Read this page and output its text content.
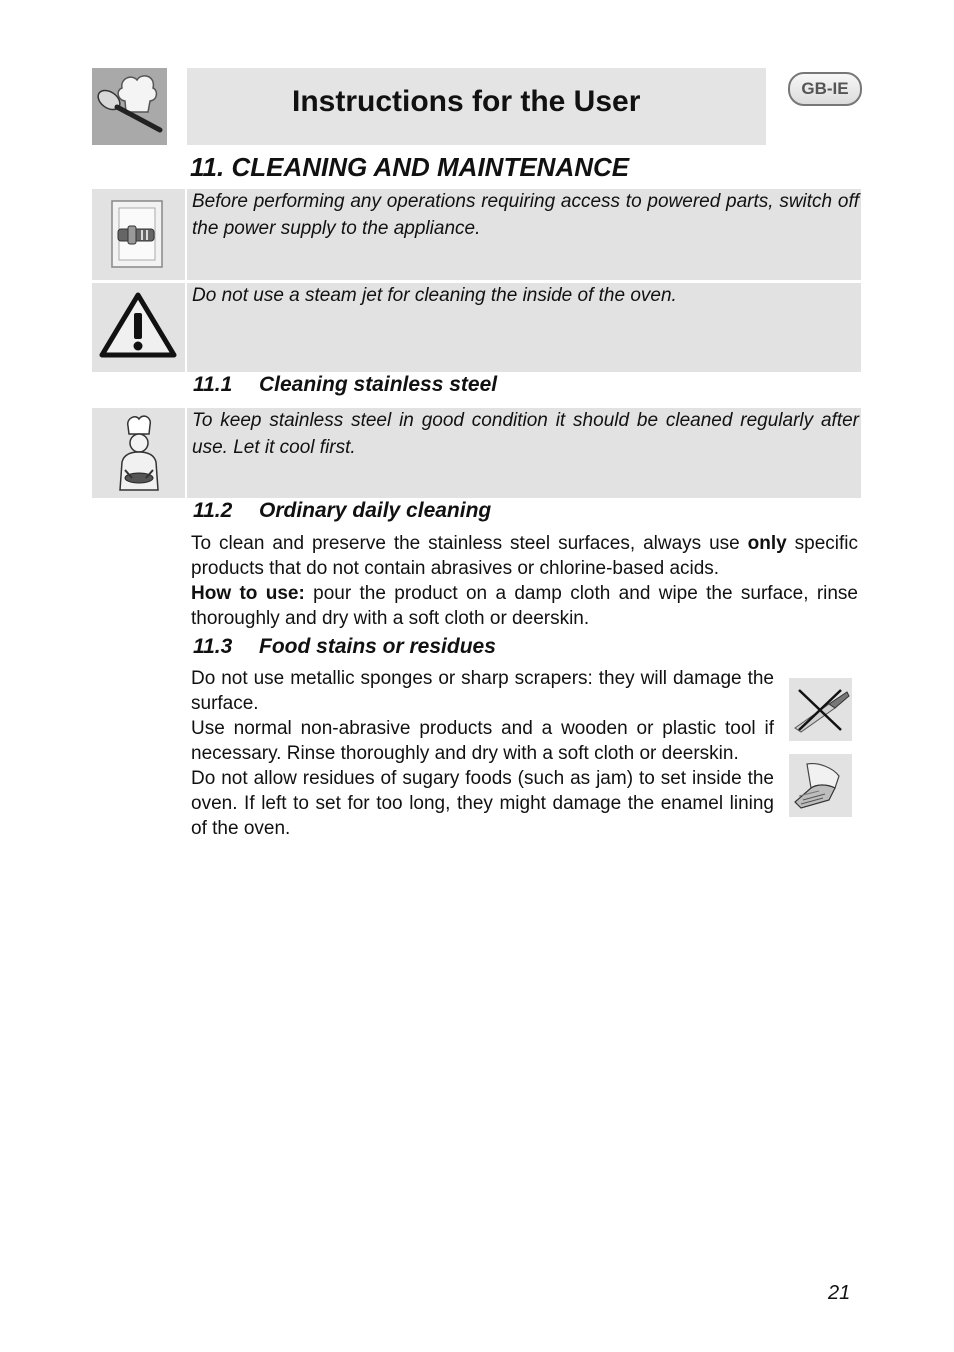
Instructions for the User	GB-IE
11. CLEANING AND MAINTENANCE
Before performing any operations requiring access to powered parts, switch off the power supply to the appliance.
Do not use a steam jet for cleaning the inside of the oven.
11.1 Cleaning stainless steel
To keep stainless steel in good condition it should be cleaned regularly after use. Let it cool first.
11.2 Ordinary daily cleaning
To clean and preserve the stainless steel surfaces, always use only specific products that do not contain abrasives or chlorine-based acids.
How to use: pour the product on a damp cloth and wipe the surface, rinse thoroughly and dry with a soft cloth or deerskin.
11.3 Food stains or residues
Do not use metallic sponges or sharp scrapers: they will damage the surface.
Use normal non-abrasive products and a wooden or plastic tool if necessary. Rinse thoroughly and dry with a soft cloth or deerskin.
Do not allow residues of sugary foods (such as jam) to set inside the oven. If left to set for too long, they might damage the enamel lining of the oven.
21
